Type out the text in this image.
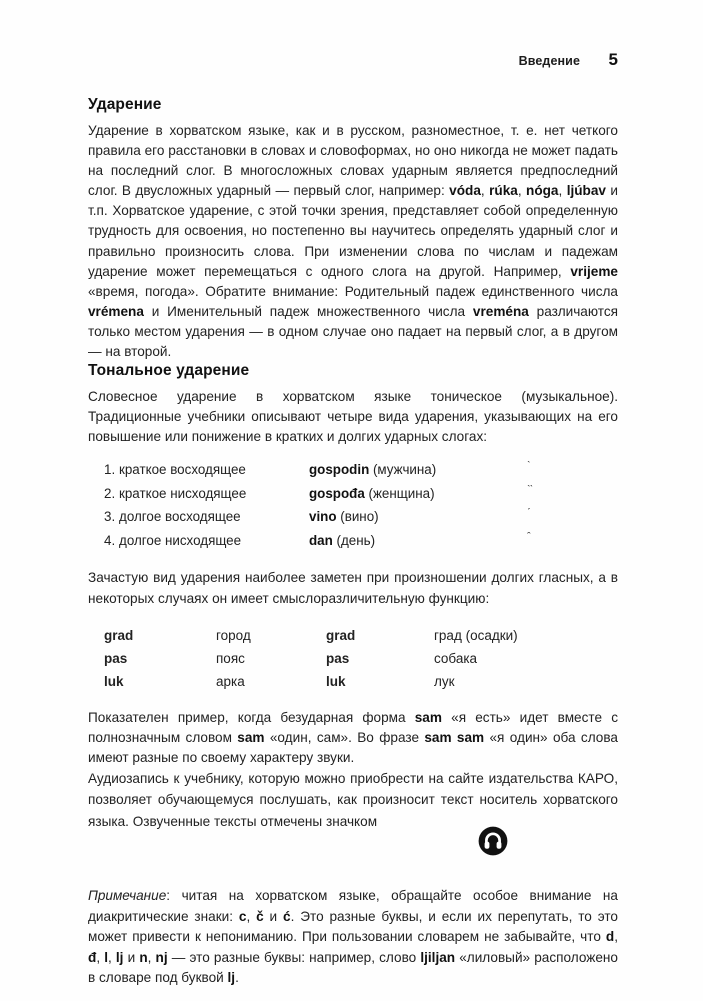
Введение 5
Ударение

Ударение в хорватском языке, как и в русском, разноместное, т. е. нет четкого правила его расстановки в словах и словоформах, но оно никогда не может падать на последний слог. В многосложных словах ударным является предпоследний слог. В двусложных ударный — первый слог, например: vóda, rúka, nóga, ljúbav и т.п. Хорватское ударение, с этой точки зрения, представляет собой определенную трудность для освоения, но постепенно вы научитесь определять ударный слог и правильно произносить слова. При изменении слова по числам и падежам ударение может перемещаться с одного слога на другой. Например, vrijeme «время, погода». Обратите внимание: Родительный падеж единственного числа vrémena и Именительный падеж множественного числа vreména различаются только местом ударения — в одном случае оно падает на первый слог, а в другом — на второй.

Тональное ударение

Словесное ударение в хорватском языке тоническое (музыкальное). Традиционные учебники описывают четыре вида ударения, указывающих на его повышение или понижение в кратких и долгих ударных слогах:

1. краткое восходящее	gospodin (мужчина)	ˋ
2. краткое нисходящее	gospođa (женщина)	ˋˋ
3. долгое восходящее	vino (вино)	ˊ
4. долгое нисходящее	dan (день)	ˆ

Зачастую вид ударения наиболее заметен при произношении долгих гласных, а в некоторых случаях он имеет смыслоразличительную функцию:

grad	город	grad	град (осадки)
pas	пояс	pas	собака
luk	арка	luk	лук

Показателен пример, когда безударная форма sam «я есть» идет вместе с полнозначным словом sam «один, сам». Во фразе sam sam «я один» оба слова имеют разные по своему характеру звуки.

Аудиозапись к учебнику, которую можно приобрести на сайте издательства КАРО, позволяет обучающемуся послушать, как произносит текст носитель хорватского языка. Озвученные тексты отмечены значком

Примечание: читая на хорватском языке, обращайте особое внимание на диакритические знаки: c, č и ć. Это разные буквы, и если их перепутать, то это может привести к непониманию. При пользовании словарем не забывайте, что d, đ, l, lj и n, nj — это разные буквы: например, слово ljiljan «лиловый» расположено в словаре под буквой lj.
